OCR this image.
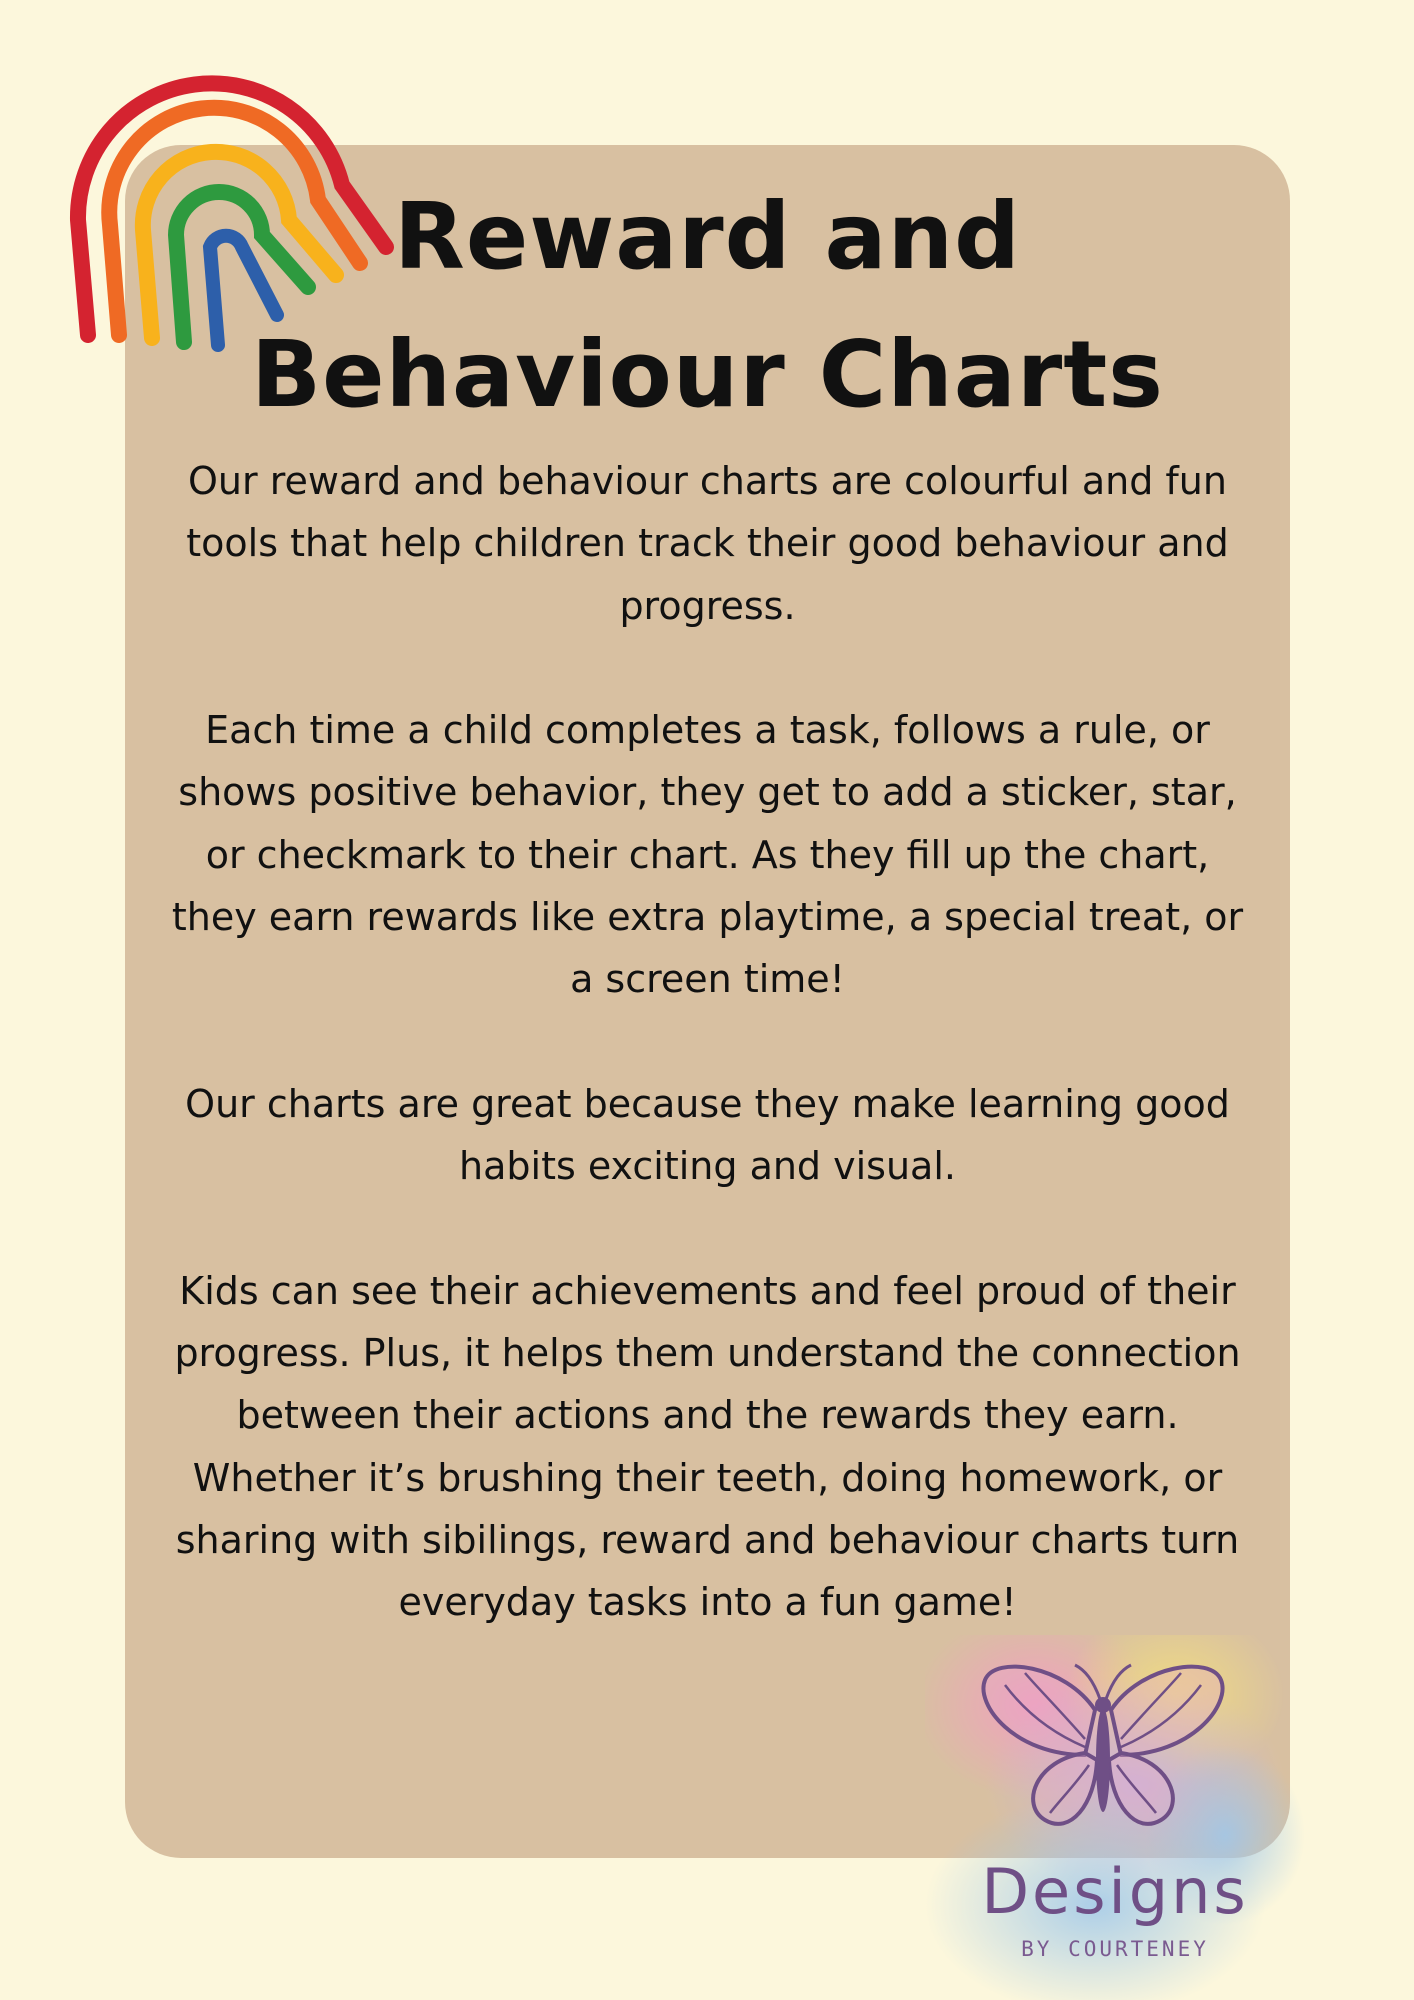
Reward and
Behaviour Charts

Our reward and behaviour charts are colourful and fun tools that help children track their good behaviour and progress.

Each time a child completes a task, follows a rule, or shows positive behavior, they get to add a sticker, star, or checkmark to their chart. As they fill up the chart, they earn rewards like extra playtime, a special treat, or a screen time!

Our charts are great because they make learning good habits exciting and visual.

Kids can see their achievements and feel proud of their progress. Plus, it helps them understand the connection between their actions and the rewards they earn. Whether it’s brushing their teeth, doing homework, or sharing with sibilings, reward and behaviour charts turn everyday tasks into a fun game!

Designs
BY COURTENEY
